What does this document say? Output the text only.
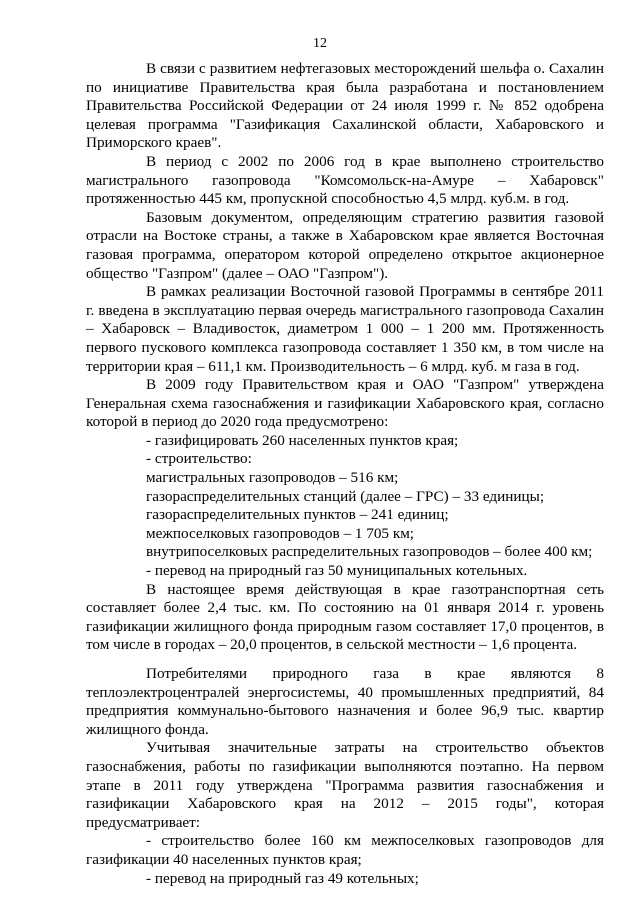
12

В связи с развитием нефтегазовых месторождений шельфа о. Сахалин по инициативе Правительства края была разработана и постановлением Правительства Российской Федерации от 24 июля 1999 г. № 852 одобрена целевая программа "Газификация Сахалинской области, Хабаровского и Приморского краев".

В период с 2002 по 2006 год в крае выполнено строительство магистрального газопровода "Комсомольск-на-Амуре – Хабаровск" протяженностью 445 км, пропускной способностью 4,5 млрд. куб.м. в год.

Базовым документом, определяющим стратегию развития газовой отрасли на Востоке страны, а также в Хабаровском крае является Восточная газовая программа, оператором которой определено открытое акционерное общество "Газпром" (далее – ОАО "Газпром").

В рамках реализации Восточной газовой Программы в сентябре 2011 г. введена в эксплуатацию первая очередь магистрального газопровода Сахалин – Хабаровск – Владивосток, диаметром 1 000 – 1 200 мм. Протяженность первого пускового комплекса газопровода составляет 1 350 км, в том числе на территории края – 611,1 км. Производительность – 6 млрд. куб. м газа в год.

В 2009 году Правительством края и ОАО "Газпром" утверждена Генеральная схема газоснабжения и газификации Хабаровского края, согласно которой в период до 2020 года предусмотрено:

- газифицировать 260 населенных пунктов края;

- строительство:

магистральных газопроводов – 516 км;

газораспределительных станций (далее – ГРС) – 33 единицы;

газораспределительных пунктов – 241 единиц;

межпоселковых газопроводов – 1 705 км;

внутрипоселковых распределительных газопроводов – более 400 км;

- перевод на природный газ 50 муниципальных котельных.

В настоящее время действующая в крае газотранспортная сеть составляет более 2,4 тыс. км. По состоянию на 01 января 2014 г. уровень газификации жилищного фонда природным газом составляет 17,0 процентов, в том числе в городах – 20,0 процентов, в сельской местности – 1,6 процента.

Потребителями природного газа в крае являются 8 теплоэлектроцентралей энергосистемы, 40 промышленных предприятий, 84 предприятия коммунально-бытового назначения и более 96,9 тыс. квартир жилищного фонда.

Учитывая значительные затраты на строительство объектов газоснабжения, работы по газификации выполняются поэтапно. На первом этапе в 2011 году утверждена "Программа развития газоснабжения и газификации Хабаровского края на 2012 – 2015 годы", которая предусматривает:

- строительство более 160 км межпоселковых газопроводов для газификации 40 населенных пунктов края;

- перевод на природный газ 49 котельных;
